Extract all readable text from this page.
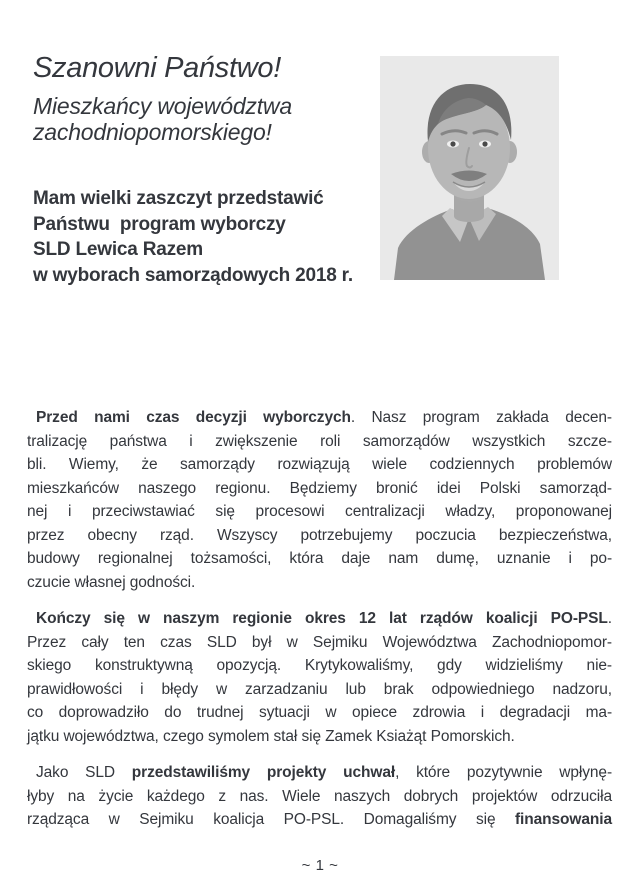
Szanowni Państwo!
Mieszkańcy województwa
zachodniopomorskiego!
Mam wielki zaszczyt przedstawić
Państwu  program wyborczy
SLD Lewica Razem
w wyborach samorządowych 2018 r.
Przed nami czas decyzji wyborczych. Nasz program zakłada decen-
tralizację państwa i zwiększenie roli samorządów wszystkich szcze-
bli. Wiemy, że samorządy rozwiązują wiele codziennych problemów
mieszkańców naszego regionu. Będziemy bronić idei Polski samorząd-
nej i przeciwstawiać się procesowi centralizacji władzy, proponowanej
przez obecny rząd. Wszyscy potrzebujemy poczucia bezpieczeństwa,
budowy regionalnej tożsamości, która daje nam dumę, uznanie i po-
czucie własnej godności.
Kończy się w naszym regionie okres 12 lat rządów koalicji PO-PSL.
Przez cały ten czas SLD był w Sejmiku Województwa Zachodniopomor-
skiego konstruktywną opozycją. Krytykowaliśmy, gdy widzieliśmy nie-
prawidłowości i błędy w zarzadzaniu lub brak odpowiedniego nadzoru,
co doprowadziło do trudnej sytuacji w opiece zdrowia i degradacji ma-
jątku województwa, czego symolem stał się Zamek Ksiażąt Pomorskich.
Jako SLD przedstawiliśmy projekty uchwał, które pozytywnie wpłynę-
łyby na życie każdego z nas. Wiele naszych dobrych projektów odrzuciła
rządząca w Sejmiku koalicja PO-PSL. Domagaliśmy się finansowania
~ 1 ~
